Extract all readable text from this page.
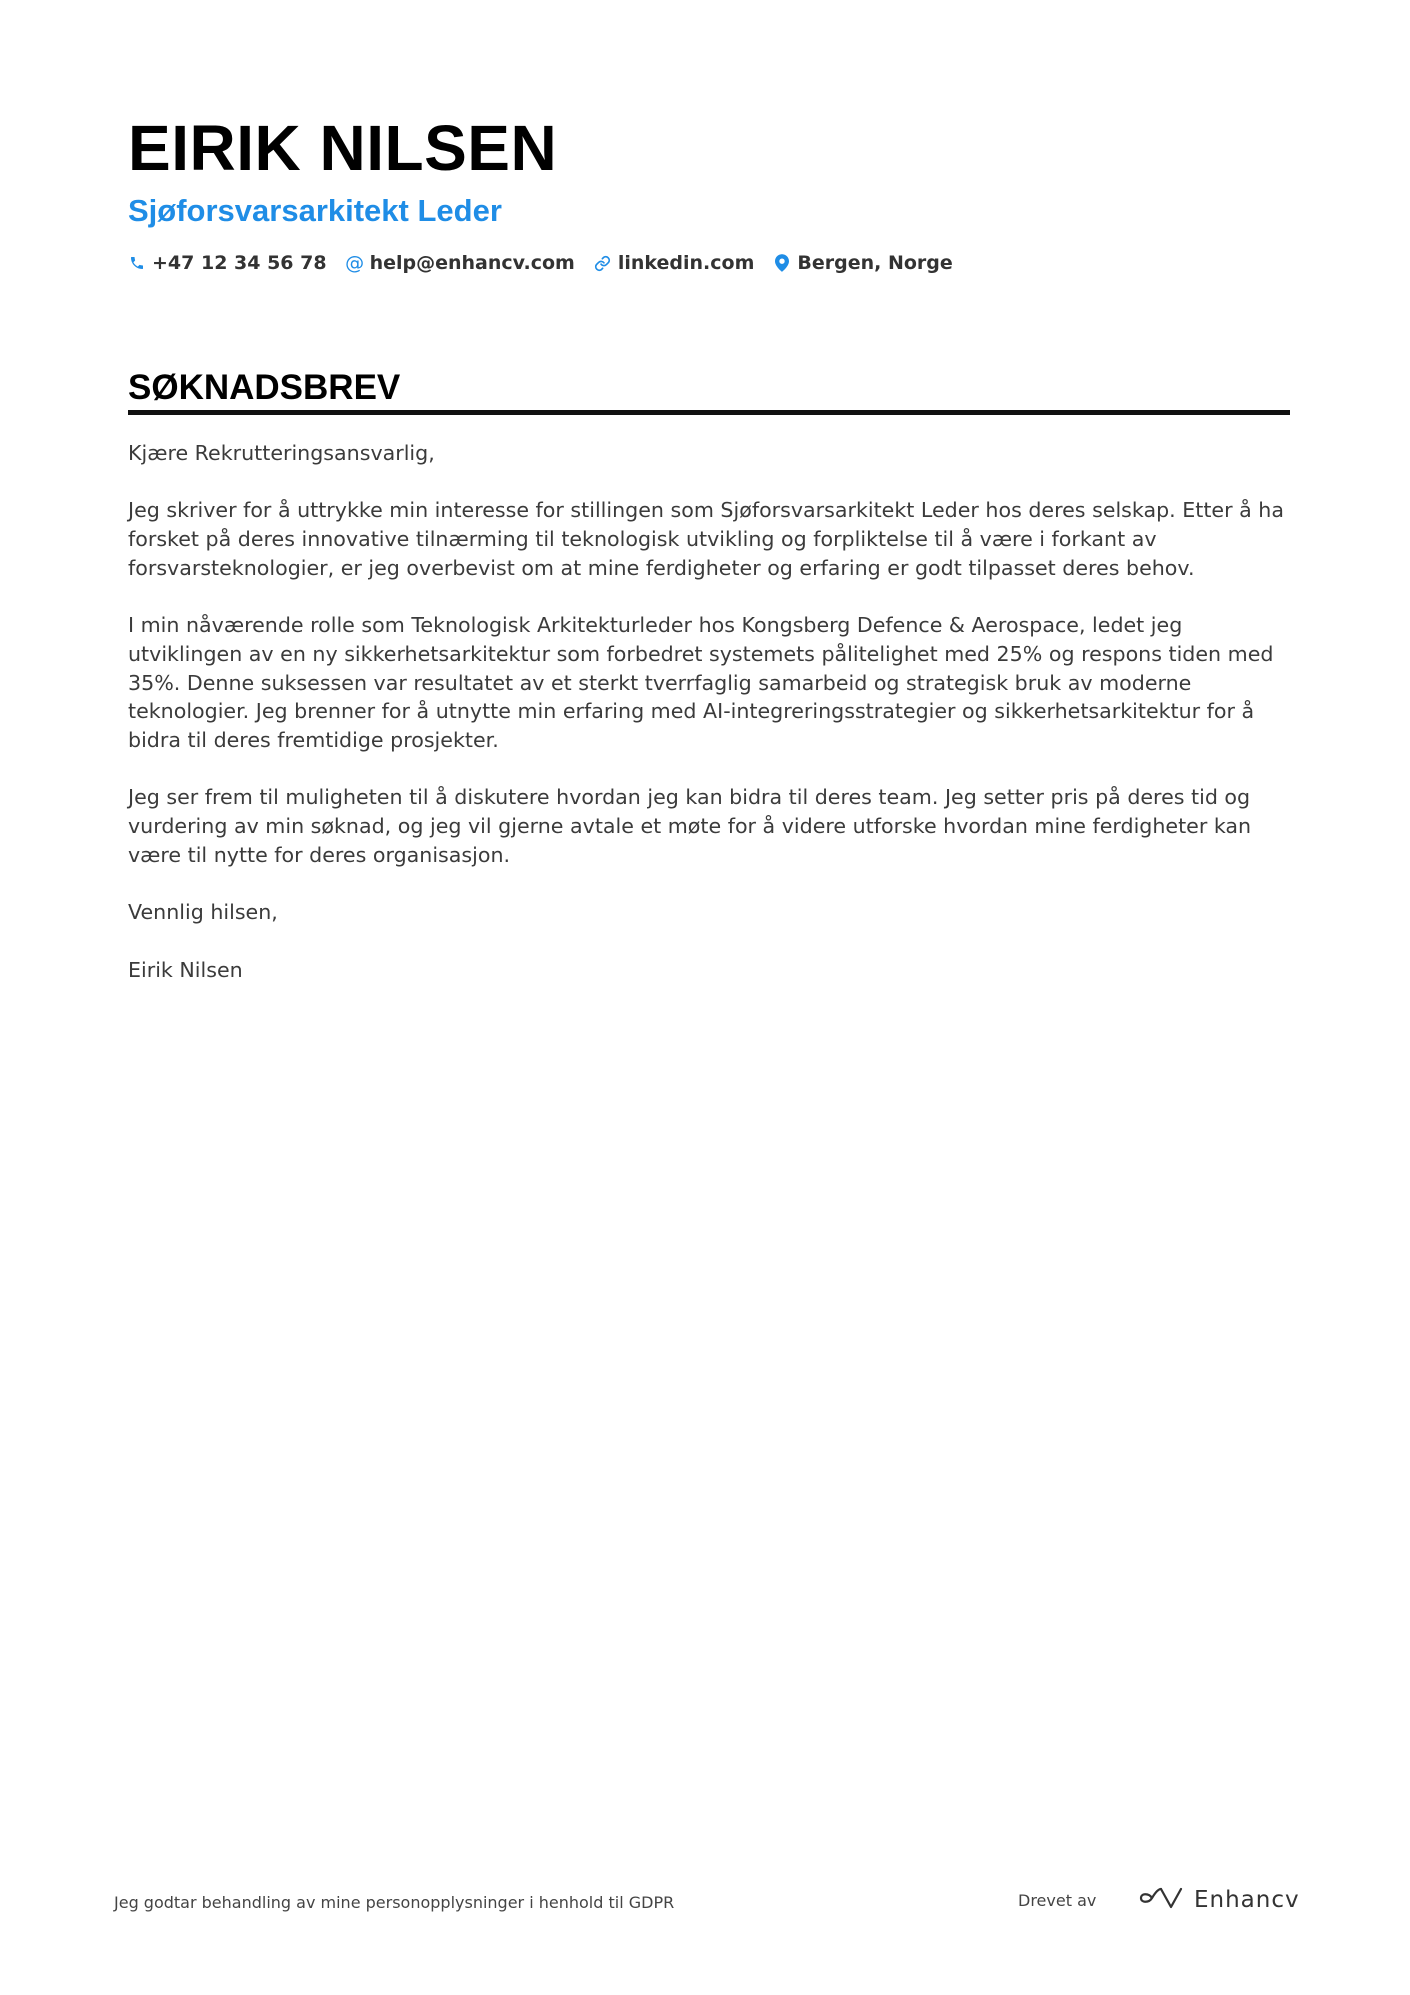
EIRIK NILSEN
Sjøforsvarsarkitekt Leder
+47 12 34 56 78 @ help@enhancv.com linkedin.com Bergen, Norge
SØKNADSBREV

Kjære Rekrutteringsansvarlig,

Jeg skriver for å uttrykke min interesse for stillingen som Sjøforsvarsarkitekt Leder hos deres selskap. Etter å ha forsket på deres innovative tilnærming til teknologisk utvikling og forpliktelse til å være i forkant av forsvarsteknologier, er jeg overbevist om at mine ferdigheter og erfaring er godt tilpasset deres behov.

I min nåværende rolle som Teknologisk Arkitekturleder hos Kongsberg Defence & Aerospace, ledet jeg utviklingen av en ny sikkerhetsarkitektur som forbedret systemets pålitelighet med 25% og respons tiden med 35%. Denne suksessen var resultatet av et sterkt tverrfaglig samarbeid og strategisk bruk av moderne teknologier. Jeg brenner for å utnytte min erfaring med AI-integreringsstrategier og sikkerhetsarkitektur for å bidra til deres fremtidige prosjekter.

Jeg ser frem til muligheten til å diskutere hvordan jeg kan bidra til deres team. Jeg setter pris på deres tid og vurdering av min søknad, og jeg vil gjerne avtale et møte for å videre utforske hvordan mine ferdigheter kan være til nytte for deres organisasjon.

Vennlig hilsen,

Eirik Nilsen

Jeg godtar behandling av mine personopplysninger i henhold til GDPR	Drevet av	Enhancv
